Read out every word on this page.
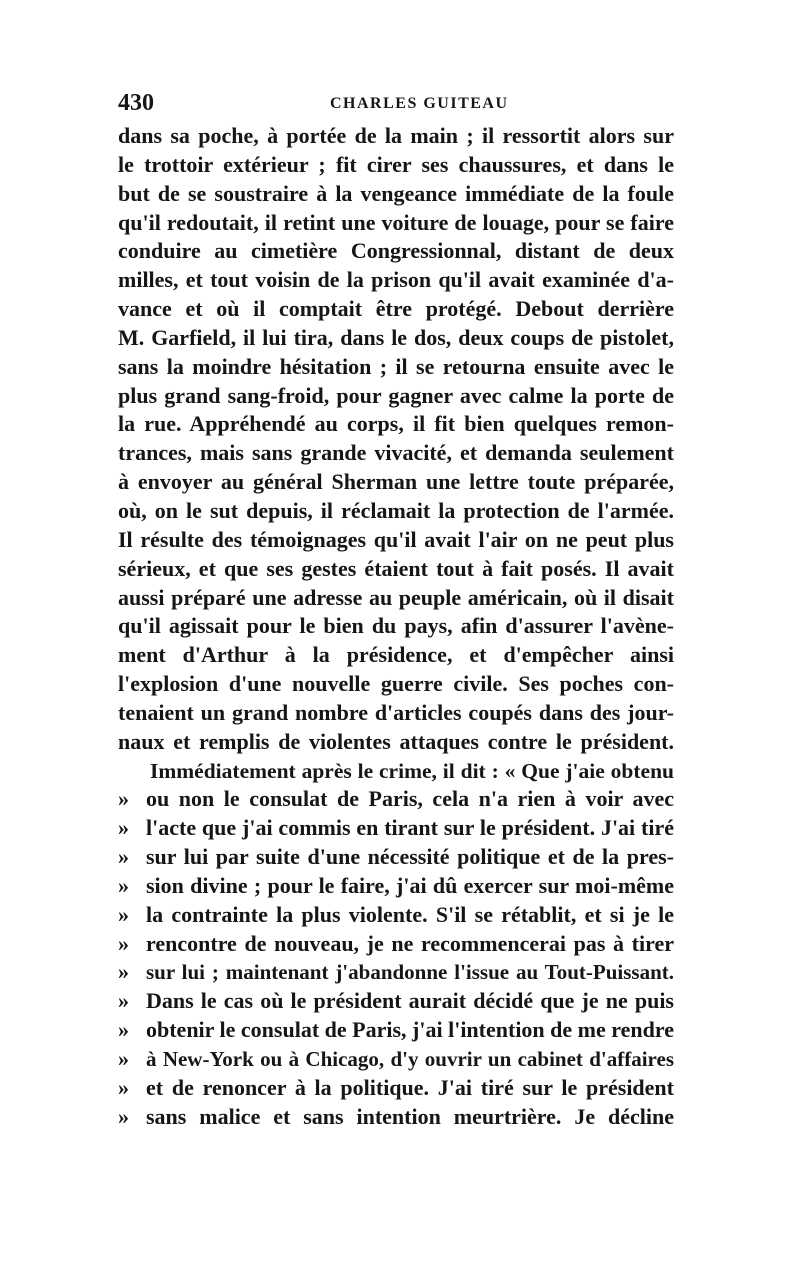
430	CHARLES GUITEAU
dans sa poche, à portée de la main ; il ressortit alors sur
le trottoir extérieur ; fit cirer ses chaussures, et dans le
but de se soustraire à la vengeance immédiate de la foule
qu'il redoutait, il retint une voiture de louage, pour se faire
conduire au cimetière Congressionnal, distant de deux
milles, et tout voisin de la prison qu'il avait examinée d'a-
vance et où il comptait être protégé. Debout derrière
M. Garfield, il lui tira, dans le dos, deux coups de pistolet,
sans la moindre hésitation ; il se retourna ensuite avec le
plus grand sang-froid, pour gagner avec calme la porte de
la rue. Appréhendé au corps, il fit bien quelques remon-
trances, mais sans grande vivacité, et demanda seulement
à envoyer au général Sherman une lettre toute préparée,
où, on le sut depuis, il réclamait la protection de l'armée.
Il résulte des témoignages qu'il avait l'air on ne peut plus
sérieux, et que ses gestes étaient tout à fait posés. Il avait
aussi préparé une adresse au peuple américain, où il disait
qu'il agissait pour le bien du pays, afin d'assurer l'avène-
ment d'Arthur à la présidence, et d'empêcher ainsi
l'explosion d'une nouvelle guerre civile. Ses poches con-
tenaient un grand nombre d'articles coupés dans des jour-
naux et remplis de violentes attaques contre le président.
Immédiatement après le crime, il dit : « Que j'aie obtenu
» ou non le consulat de Paris, cela n'a rien à voir avec
» l'acte que j'ai commis en tirant sur le président. J'ai tiré
» sur lui par suite d'une nécessité politique et de la pres-
» sion divine ; pour le faire, j'ai dû exercer sur moi-même
» la contrainte la plus violente. S'il se rétablit, et si je le
» rencontre de nouveau, je ne recommencerai pas à tirer
» sur lui ; maintenant j'abandonne l'issue au Tout-Puissant.
» Dans le cas où le président aurait décidé que je ne puis
» obtenir le consulat de Paris, j'ai l'intention de me rendre
» à New-York ou à Chicago, d'y ouvrir un cabinet d'affaires
» et de renoncer à la politique. J'ai tiré sur le président
» sans malice et sans intention meurtrière. Je décline
